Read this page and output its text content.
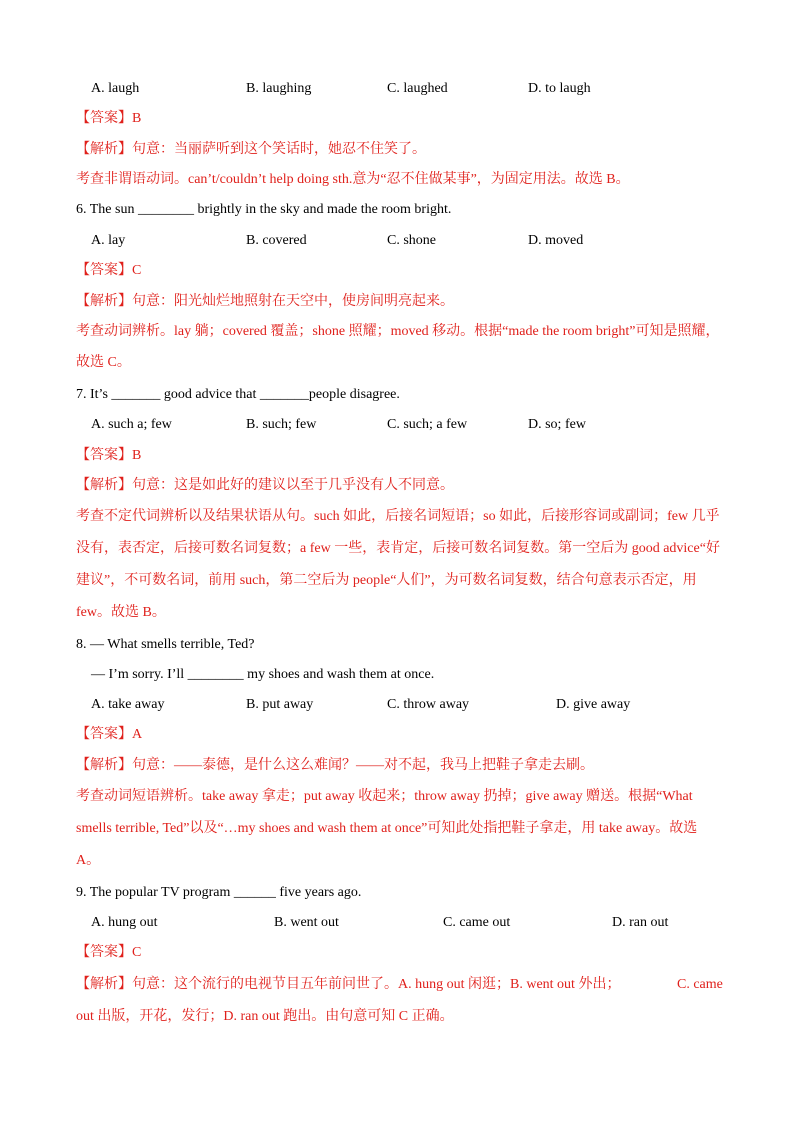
A. laugh	B. laughing	C. laughed	D. to laugh
【答案】B
【解析】句意：当丽萨听到这个笑话时，她忍不住笑了。
考查非谓语动词。can’t/couldn’t help doing sth.意为“忍不住做某事”，为固定用法。故选 B。
6. The sun ________ brightly in the sky and made the room bright.
A. lay	B. covered	C. shone	D. moved
【答案】C
【解析】句意：阳光灿烂地照射在天空中，使房间明亮起来。
考查动词辨析。lay 躺；covered 覆盖；shone 照耀；moved 移动。根据“made the room bright”可知是照耀，
故选 C。
7. It’s _______ good advice that _______people disagree.
A. such a; few	B. such; few	C. such; a few	D. so; few
【答案】B
【解析】句意：这是如此好的建议以至于几乎没有人不同意。
考查不定代词辨析以及结果状语从句。such 如此，后接名词短语；so 如此，后接形容词或副词；few 几乎
没有，表否定，后接可数名词复数；a few 一些，表肯定，后接可数名词复数。第一空后为 good advice“好
建议”，不可数名词，前用 such，第二空后为 people“人们”，为可数名词复数，结合句意表示否定，用
few。故选 B。
8. — What smells terrible, Ted?
— I’m sorry. I’ll ________ my shoes and wash them at once.
A. take away	B. put away	C. throw away	D. give away
【答案】A
【解析】句意：——泰德，是什么这么难闻？——对不起，我马上把鞋子拿走去刷。
考查动词短语辨析。take away 拿走；put away 收起来；throw away 扔掉；give away 赠送。根据“What
smells terrible, Ted”以及“…my shoes and wash them at once”可知此处指把鞋子拿走，用 take away。故选
A。
9. The popular TV program ______ five years ago.
A. hung out	B. went out	C. came out	D. ran out
【答案】C
【解析】句意：这个流行的电视节目五年前问世了。A. hung out 闲逛；B. went out 外出；	C. came
out 出版，开花，发行；D. ran out 跑出。由句意可知 C 正确。
